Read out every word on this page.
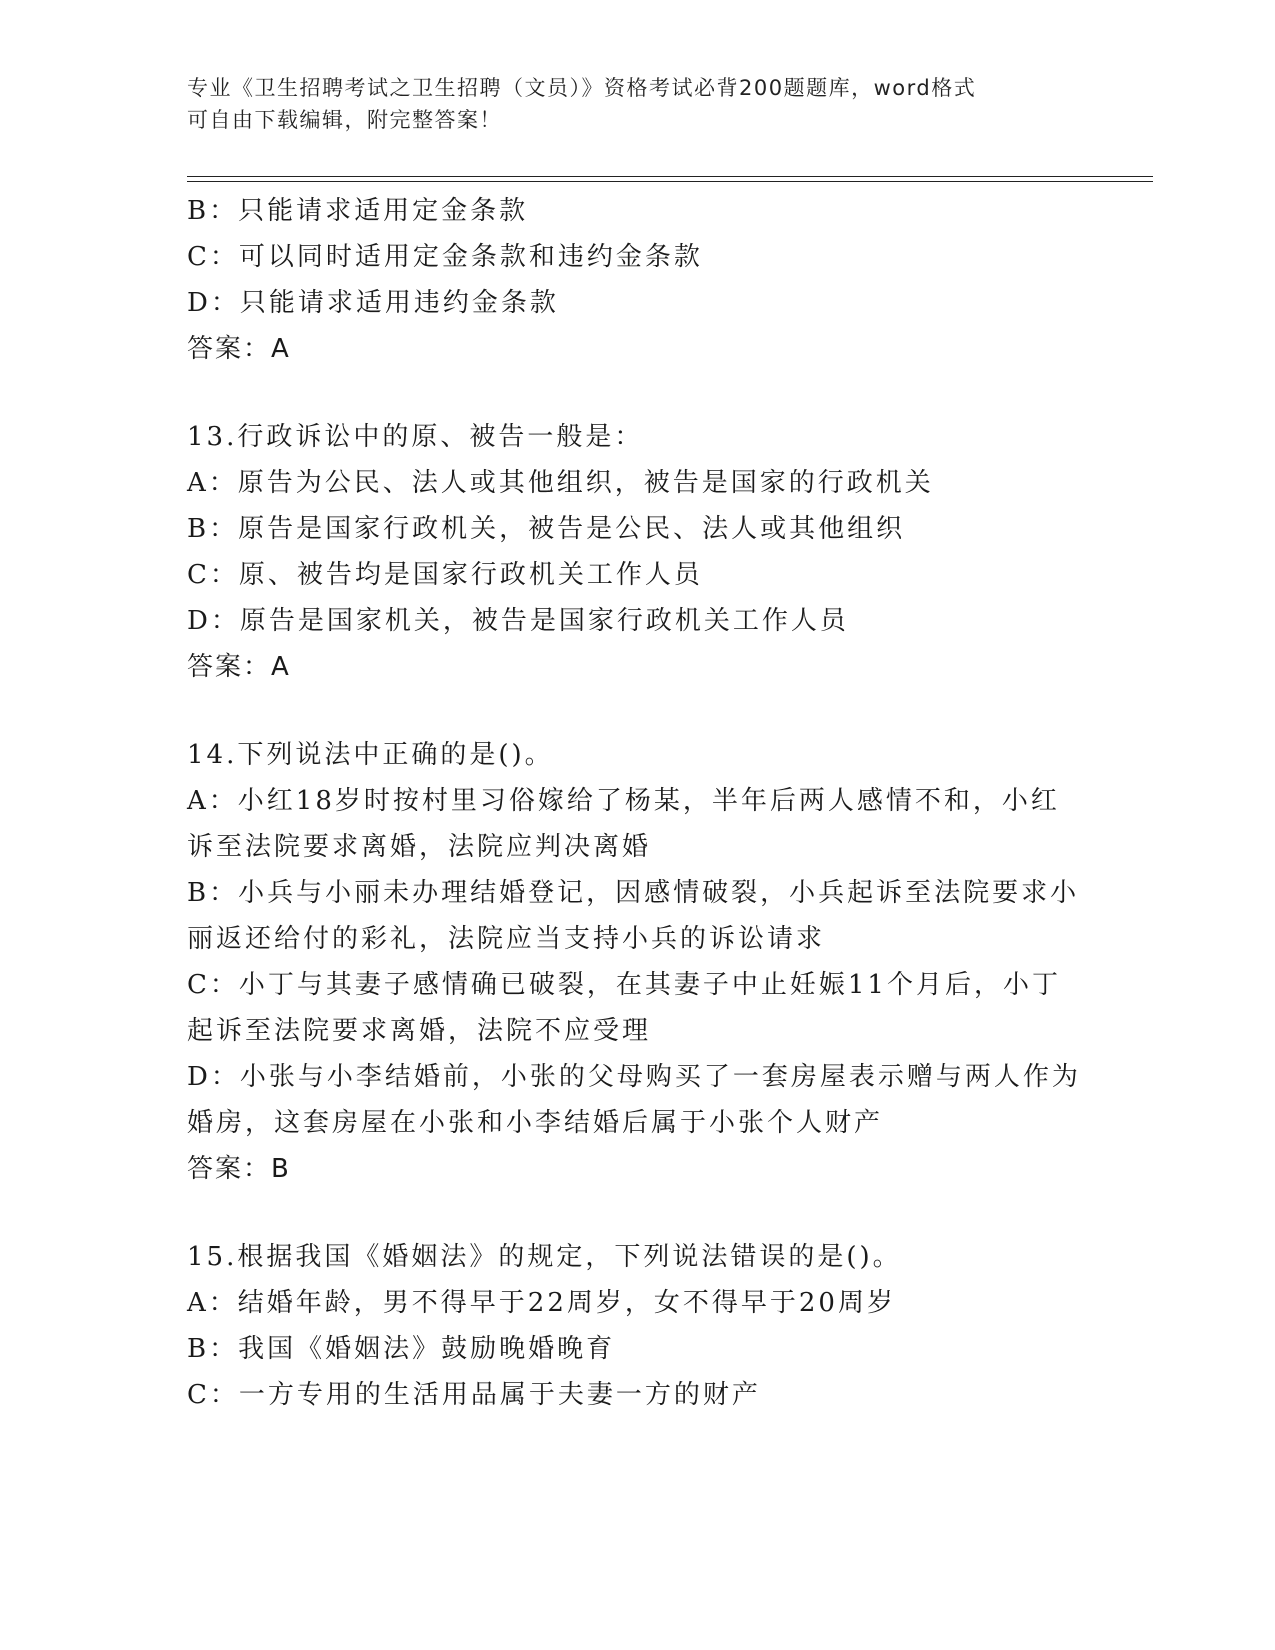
专业《卫生招聘考试之卫生招聘（文员）》资格考试必背200题题库，word格式
可自由下载编辑，附完整答案！
B：只能请求适用定金条款
C：可以同时适用定金条款和违约金条款
D：只能请求适用违约金条款
答案：A
13.行政诉讼中的原、被告一般是：
A：原告为公民、法人或其他组织，被告是国家的行政机关
B：原告是国家行政机关，被告是公民、法人或其他组织
C：原、被告均是国家行政机关工作人员
D：原告是国家机关，被告是国家行政机关工作人员
答案：A
14.下列说法中正确的是()。
A：小红18岁时按村里习俗嫁给了杨某，半年后两人感情不和，小红
诉至法院要求离婚，法院应判决离婚
B：小兵与小丽未办理结婚登记，因感情破裂，小兵起诉至法院要求小
丽返还给付的彩礼，法院应当支持小兵的诉讼请求
C：小丁与其妻子感情确已破裂，在其妻子中止妊娠11个月后，小丁
起诉至法院要求离婚，法院不应受理
D：小张与小李结婚前，小张的父母购买了一套房屋表示赠与两人作为
婚房，这套房屋在小张和小李结婚后属于小张个人财产
答案：B
15.根据我国《婚姻法》的规定，下列说法错误的是()。
A：结婚年龄，男不得早于22周岁，女不得早于20周岁
B：我国《婚姻法》鼓励晚婚晚育
C：一方专用的生活用品属于夫妻一方的财产
